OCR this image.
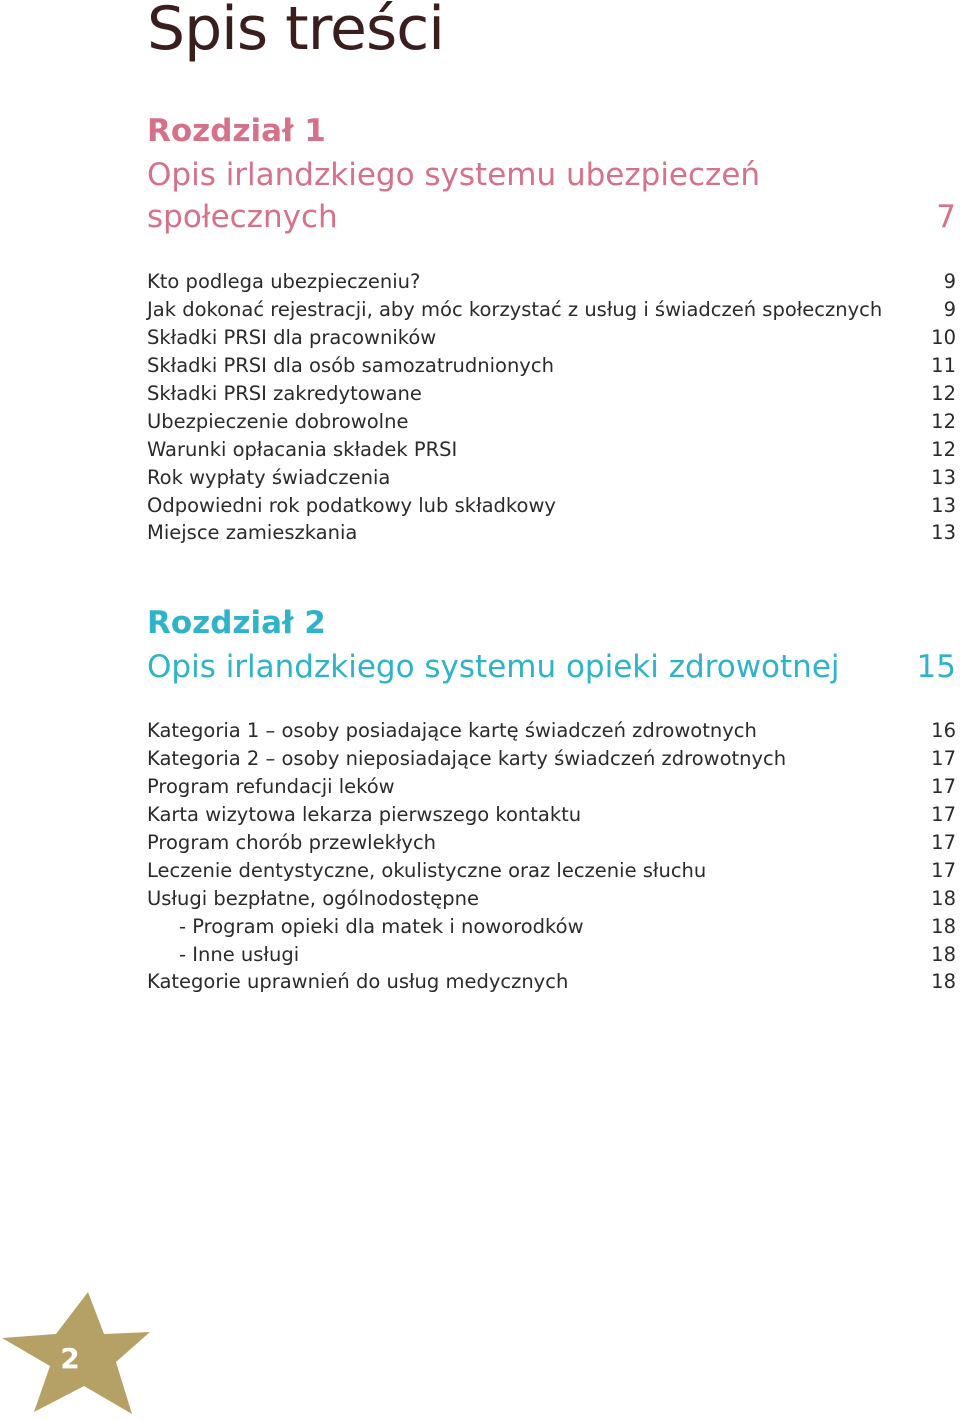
Spis treści
Rozdział 1
Opis irlandzkiego systemu ubezpieczeń
społecznych	7
Kto podlega ubezpieczeniu?	9
Jak dokonać rejestracji, aby móc korzystać z usług i świadczeń społecznych	9
Składki PRSI dla pracowników	10
Składki PRSI dla osób samozatrudnionych	11
Składki PRSI zakredytowane	12
Ubezpieczenie dobrowolne	12
Warunki opłacania składek PRSI	12
Rok wypłaty świadczenia	13
Odpowiedni rok podatkowy lub składkowy	13
Miejsce zamieszkania	13
Rozdział 2
Opis irlandzkiego systemu opieki zdrowotnej 15
Kategoria 1 – osoby posiadające kartę świadczeń zdrowotnych	16
Kategoria 2 – osoby nieposiadające karty świadczeń zdrowotnych	17
Program refundacji leków	17
Karta wizytowa lekarza pierwszego kontaktu	17
Program chorób przewlekłych	17
Leczenie dentystyczne, okulistyczne oraz leczenie słuchu	17
Usługi bezpłatne, ogólnodostępne	18
- Program opieki dla matek i noworodków	18
- Inne usługi	18
Kategorie uprawnień do usług medycznych	18
2
